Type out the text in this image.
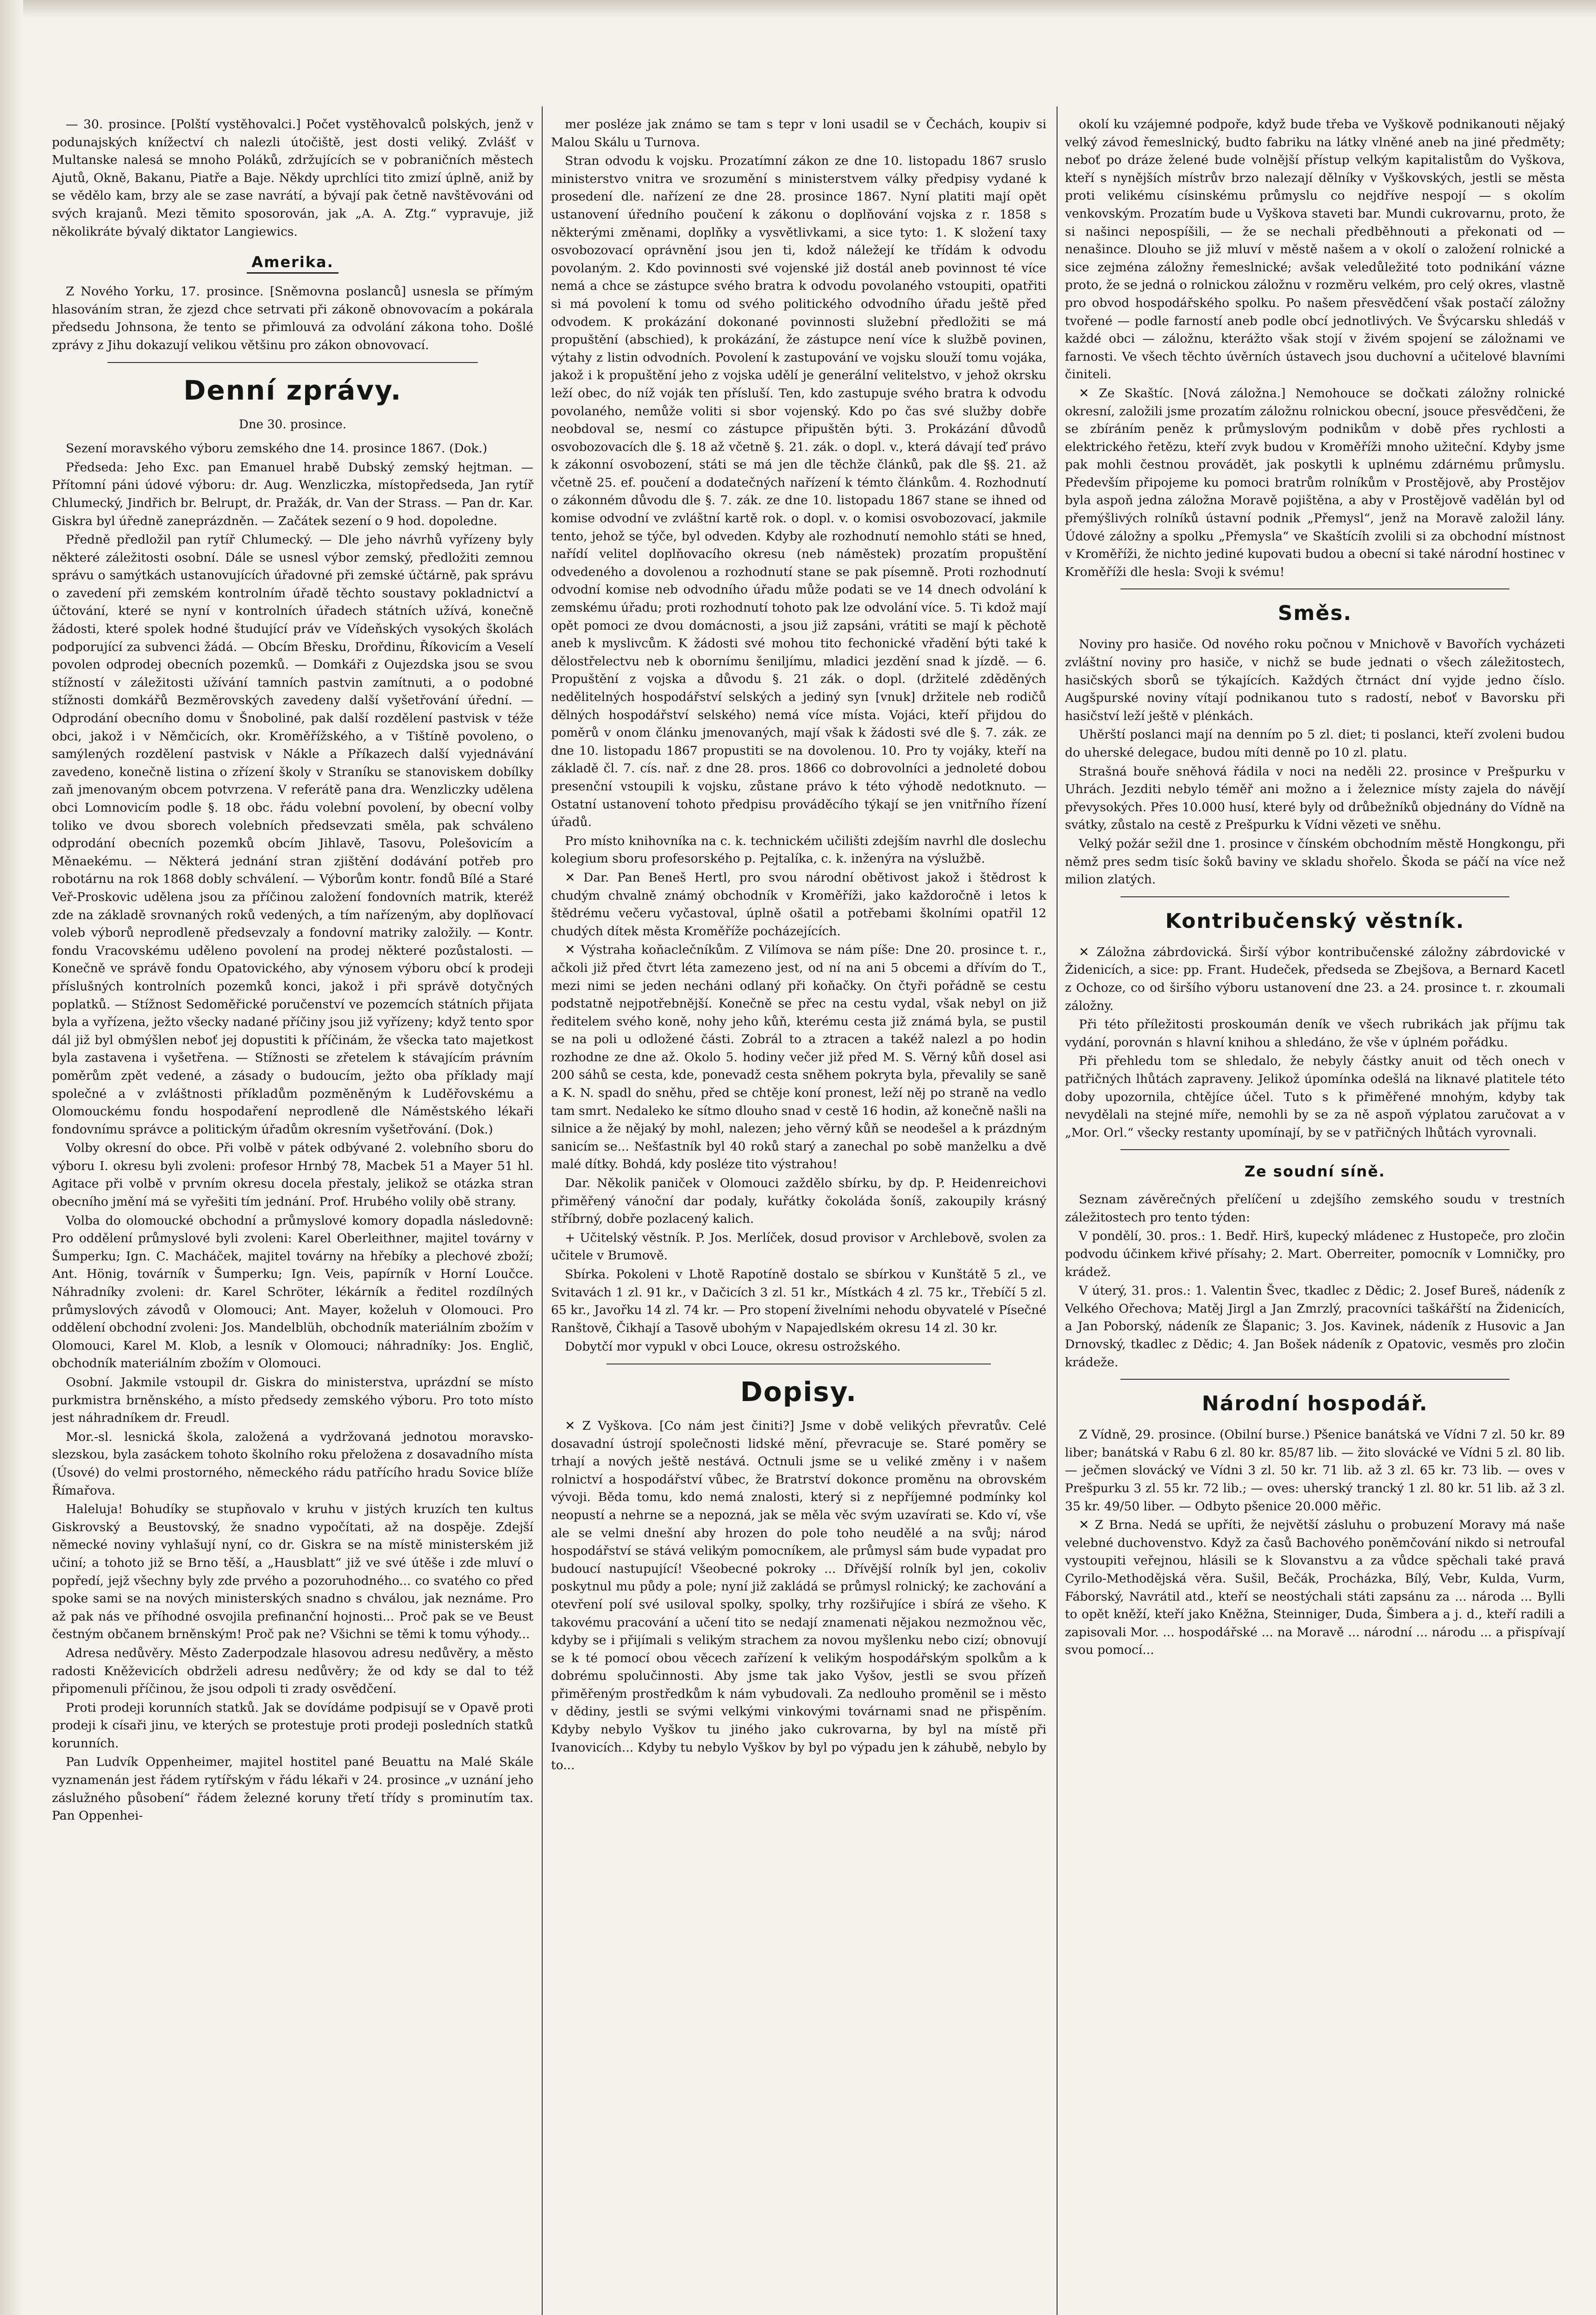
— 30. prosince. [Polští vystěhovalci.] Počet vystěhovalců polských, jenž v podunajských knížectví ch nalezli útočiště, jest dosti veliký. Zvlášť v Multanske nalesá se mnoho Poláků, zdržujících se v pobraničních městech Ajutů, Okně, Bakanu, Piatře a Baje. Někdy uprchlíci tito zmizí úplně, aniž by se vědělo kam, brzy ale se zase navrátí, a bývají pak četně navštěvováni od svých krajanů. Mezi těmito sposorován, jak „A. A. Ztg.“ vypravuje, již několikráte bývalý diktator Langiewics.

Amerika.

Z Nového Yorku, 17. prosince. [Sněmovna poslanců] usnesla se přímým hlasováním stran, že zjezd chce setrvati při zákoně obnovovacím a pokárala předsedu Johnsona, že tento se přimlouvá za odvolání zákona toho. Došlé zprávy z Jihu dokazují velikou většinu pro zákon obnovovací.

Denní zprávy.
Dne 30. prosince.

Sezení moravského výboru zemského dne 14. prosince 1867. (Dok.)

Předseda: Jeho Exc. pan Emanuel hrabě Dubský zemský hejtman. — Přítomní páni údové výboru: dr. Aug. Wenzliczka, místopředseda, Jan rytíř Chlumecký, Jindřich br. Belrupt, dr. Pražák, dr. Van der Strass. — Pan dr. Kar. Giskra byl úředně zaneprázdněn. — Začátek sezení o 9 hod. dopoledne.

Předně předložil pan rytíř Chlumecký. — Dle jeho návrhů vyřízeny byly některé záležitosti osobní. Dále se usnesl výbor zemský, předložiti zemnou správu o samýtkách ustanovujících úřadovné při zemské účtárně, pak správu o zavedení při zemském kontrolním úřadě těchto soustavy pokladnictví a účtování, které se nyní v kontrolních úřadech státních užívá, konečně žádosti, které spolek hodné študující práv ve Vídeňských vysokých školách podporující za subvenci žádá. — Obcím Břesku, Drořdinu, Říkovicím a Veselí povolen odprodej obecních pozemků. — Domkáři z Oujezdska jsou se svou stížností v záležitosti užívání tamních pastvin zamítnuti, a o podobné stížnosti domkářů Bezměrovských zavedeny další vyšetřování úřední. — Odprodání obecního domu v Šnoboliné, pak další rozdělení pastvisk v téže obci, jakož i v Němčicích, okr. Kroměřížského, a v Tištíně povoleno, o samýlených rozdělení pastvisk v Nákle a Příkazech další vyjednávání zavedeno, konečně listina o zřízení školy v Straníku se stanoviskem dobílky zaň jmenovaným obcem potvrzena. V referátě pana dra. Wenzliczky udělena obci Lomnovicím podle §. 18 obc. řádu volební povolení, by obecní volby toliko ve dvou sborech volebních předsevzati směla, pak schváleno odprodání obecních pozemků obcím Jihlavě, Tasovu, Polešovicím a Měnaekému. — Některá jednání stran zjištění dodávání potřeb pro robotárnu na rok 1868 dobly schválení. — Výborům kontr. fondů Bílé a Staré Veř-Proskovic udělena jsou za příčinou založení fondovních matrik, kteréž zde na základě srovnaných roků vedených, a tím nařízeným, aby doplňovací voleb výborů neprodleně předsevzaly a fondovní matriky založily. — Kontr. fondu Vracovskému uděleno povolení na prodej některé pozůstalosti. — Konečně ve správě fondu Opatovického, aby výnosem výboru obcí k prodeji příslušných kontrolních pozemků konci, jakož i při správě dotyčných poplatků. — Stížnost Sedoměřické poručenství ve pozemcích státních přijata byla a vyřízena, ježto všecky nadané příčiny jsou již vyřízeny; když tento spor dál již byl obmýšlen neboť jej dopustiti k příčinám, že všecka tato majetkost byla zastavena i vyšetřena. — Stížnosti se zřetelem k stávajícím právním poměrům zpět vedené, a zásady o budoucím, ježto oba příklady mají společné a v zvláštnosti příkladům pozměněným k Luděřovskému a Olomouckému fondu hospodaření neprodleně dle Náměstského lékaři fondovnímu správce a politickým úřadům okresním vyšetřování. (Dok.)

Volby okresní do obce. Při volbě v pátek odbývané 2. volebního sboru do výboru I. okresu byli zvoleni: profesor Hrnbý 78, Macbek 51 a Mayer 51 hl. Agitace při volbě v prvním okresu docela přestaly, jelikož se otázka stran obecního jmění má se vyřešiti tím jednání. Prof. Hrubého volily obě strany.

Volba do olomoucké obchodní a průmyslové komory dopadla následovně: Pro oddělení průmyslové byli zvoleni: Karel Oberleithner, majitel továrny v Šumperku; Ign. C. Macháček, majitel továrny na hřebíky a plechové zboží; Ant. Hönig, továrník v Šumperku; Ign. Veis, papírník v Horní Loučce. Náhradníky zvoleni: dr. Karel Schröter, lékárník a ředitel rozdílných průmyslových závodů v Olomouci; Ant. Mayer, koželuh v Olomouci. Pro oddělení obchodní zvoleni: Jos. Mandelblüh, obchodník materiálním zbožím v Olomouci, Karel M. Klob, a lesník v Olomouci; náhradníky: Jos. Englič, obchodník materiálním zbožím v Olomouci.

Osobní. Jakmile vstoupil dr. Giskra do ministerstva, uprázdní se místo purkmistra brněnského, a místo předsedy zemského výboru. Pro toto místo jest náhradníkem dr. Freudl.

Mor.-sl. lesnická škola, založená a vydržovaná jednotou moravsko-slezskou, byla zasáckem tohoto školního roku přeložena z dosavadního místa (Úsové) do velmi prostorného, německého rádu patřícího hradu Sovice blíže Římařova.

Haleluja! Bohudíky se stupňovalo v kruhu v jistých kruzích ten kultus Giskrovský a Beustovský, že snadno vypočítati, až na dospěje. Zdejší německé noviny vyhlašují nyní, co dr. Giskra se na místě ministerském již učiní; a tohoto již se Brno těší, a „Hausblatt“ již ve své útěše i zde mluví o popředí, jejž všechny byly zde prvého a pozoruhodného... co svatého co před spoke sami se na nových ministerských snadno s chválou, jak neznáme. Pro až pak nás ve příhodné osvojila prefinanční hojnosti... Proč pak se ve Beust čestným občanem brněnským! Proč pak ne? Všichni se těmi k tomu výhody...

Adresa nedůvěry. Město Zaderpodzale hlasovou adresu nedůvěry, a město radosti Kněževicích obdrželi adresu nedůvěry; že od kdy se dal to též připomenuli příčinou, že jsou odpoli ti zrady osvědčení.

Proti prodeji korunních statků. Jak se dovídáme podpisují se v Opavě proti prodeji k císaři jinu, ve kterých se protestuje proti prodeji posledních statků korunních.

Pan Ludvík Oppenheimer, majitel hostitel pané Beuattu na Malé Skále vyznamenán jest řádem rytířským v řádu lékaři v 24. prosince „v uznání jeho záslužného působení“ řádem železné koruny třetí třídy s prominutím tax. Pan Oppenhei-

mer posléze jak známo se tam s tepr v loni usadil se v Čechách, koupiv si Malou Skálu u Turnova.

Stran odvodu k vojsku. Prozatímní zákon ze dne 10. listopadu 1867 sruslo ministerstvo vnitra ve srozumění s ministerstvem války předpisy vydané k prosedení dle. nařízení ze dne 28. prosince 1867. Nyní platiti mají opět ustanovení úředního poučení k zákonu o doplňování vojska z r. 1858 s některými změnami, doplňky a vysvětlivkami, a sice tyto: 1. K složení taxy osvobozovací oprávnění jsou jen ti, kdož náležejí ke třídám k odvodu povolaným. 2. Kdo povinnosti své vojenské již dostál aneb povinnost té více nemá a chce se zástupce svého bratra k odvodu povolaného vstoupiti, opatřiti si má povolení k tomu od svého politického odvodního úřadu ještě před odvodem. K prokázání dokonané povinnosti služební předložiti se má propuštění (abschied), k prokázání, že zástupce není více k službě povinen, výtahy z listin odvodních. Povolení k zastupování ve vojsku slouží tomu vojáka, jakož i k propuštění jeho z vojska udělí je generální velitelstvo, v jehož okrsku leží obec, do níž voják ten přísluší. Ten, kdo zastupuje svého bratra k odvodu povolaného, nemůže voliti si sbor vojenský. Kdo po čas své služby dobře neobdoval se, nesmí co zástupce připuštěn býti. 3. Prokázání důvodů osvobozovacích dle §. 18 až včetně §. 21. zák. o dopl. v., která dávají teď právo k zákonní osvobození, státi se má jen dle těchže článků, pak dle §§. 21. až včetně 25. ef. poučení a dodatečných nařízení k témto článkům. 4. Rozhodnutí o zákonném důvodu dle §. 7. zák. ze dne 10. listopadu 1867 stane se ihned od komise odvodní ve zvláštní kartě rok. o dopl. v. o komisi osvobozovací, jakmile tento, jehož se týče, byl odveden. Kdyby ale rozhodnutí nemohlo státi se hned, nařídí velitel doplňovacího okresu (neb náměstek) prozatím propuštění odvedeného a dovolenou a rozhodnutí stane se pak písemně. Proti rozhodnutí odvodní komise neb odvodního úřadu může podati se ve 14 dnech odvolání k zemskému úřadu; proti rozhodnutí tohoto pak lze odvolání více. 5. Ti kdož mají opět pomoci ze dvou domácnosti, a jsou již zapsáni, vrátiti se mají k pěchotě aneb k myslivcům. K žádosti své mohou tito fechonické vřadění býti také k dělostřelectvu neb k obornímu šeniljímu, mladici jezdění snad k jízdě. — 6. Propuštění z vojska a důvodu §. 21 zák. o dopl. (držitelé zděděných nedělitelných hospodářství selských a jediný syn [vnuk] držitele neb rodičů dělných hospodářství selského) nemá více místa. Vojáci, kteří přijdou do poměrů v onom článku jmenovaných, mají však k žádosti své dle §. 7. zák. ze dne 10. listopadu 1867 propustiti se na dovolenou. 10. Pro ty vojáky, kteří na základě čl. 7. cís. nař. z dne 28. pros. 1866 co dobrovolníci a jednoleté dobou presenční vstoupili k vojsku, zůstane právo k této výhodě nedotknuto. — Ostatní ustanovení tohoto předpisu prováděcího týkají se jen vnitřního řízení úřadů.

Pro místo knihovníka na c. k. technickém učilišti zdejším navrhl dle doslechu kolegium sboru profesorského p. Pejtalíka, c. k. inženýra na výslužbě.

✕ Dar. Pan Beneš Hertl, pro svou národní obětivost jakož i štědrost k chudým chvalně známý obchodník v Kroměříži, jako každoročně i letos k štědrému večeru vyčastoval, úplně ošatil a potřebami školními opatřil 12 chudých dítek města Kroměříže pocházejících.

✕ Výstraha koňaclečníkům. Z Vilímova se nám píše: Dne 20. prosince t. r., ačkoli již před čtvrt léta zamezeno jest, od ní na ani 5 obcemi a dřívím do T., mezi nimi se jeden necháni odlaný při koňačky. On čtyři pořádně se cestu podstatně nejpotřebnější. Konečně se přec na cestu vydal, však nebyl on již ředitelem svého koně, nohy jeho kůň, kterému cesta již známá byla, se pustil se na poli u odložené části. Zobrál to a ztracen a takéž nalezl a po hodin rozhodne ze dne až. Okolo 5. hodiny večer již před M. S. Věrný kůň dosel asi 200 sáhů se cesta, kde, ponevadž cesta sněhem pokryta byla, převalily se saně a K. N. spadl do sněhu, před se chtěje koní pronest, leží něj po straně na vedlo tam smrt. Nedaleko ke sítmo dlouho snad v cestě 16 hodin, až konečně našli na silnice a že nějaký by mohl, nalezen; jeho věrný kůň se neodešel a k prázdným sanicím se... Nešťastník byl 40 roků starý a zanechal po sobě manželku a dvě malé dítky. Bohdá, kdy posléze tito výstrahou!

Dar. Několik paniček v Olomouci zaždělo sbírku, by dp. P. Heidenreichovi přiměřený vánoční dar podaly, kuřátky čokoláda šoníš, zakoupily krásný stříbrný, dobře pozlacený kalich.

+ Učitelský věstník. P. Jos. Merlíček, dosud provisor v Archlebově, svolen za učitele v Brumově.

Sbírka. Pokoleni v Lhotě Rapotíně dostalo se sbírkou v Kunštátě 5 zl., ve Svitavách 1 zl. 91 kr., v Dačicích 3 zl. 51 kr., Místkách 4 zl. 75 kr., Třebíčí 5 zl. 65 kr., Javořku 14 zl. 74 kr. — Pro stopení živelními nehodu obyvatelé v Písečné Ranštově, Čikhají a Tasově ubohým v Napajedlském okresu 14 zl. 30 kr.

Dobytčí mor vypukl v obci Louce, okresu ostrožského.

Dopisy.

✕ Z Vyškova. [Co nám jest činiti?] Jsme v době velikých převratův. Celé dosavadní ústrojí společnosti lidské mění, převracuje se. Staré poměry se trhají a nových ještě nestává. Octnuli jsme se u veliké změny i v našem rolnictví a hospodářství vůbec, že Bratrství dokonce proměnu na obrovském vývoji. Běda tomu, kdo nemá znalosti, který si z nepříjemné podmínky kol neopustí a nehrne se a nepozná, jak se měla věc svým uzavírati se. Kdo ví, vše ale se velmi dnešní aby hrozen do pole toho neudělé a na svůj; národ hospodářství se stává velikým pomocníkem, ale průmysl sám bude vypadat pro budoucí nastupující! Všeobecné pokroky ... Dřívější rolník byl jen, cokoliv poskytnul mu půdy a pole; nyní již zakládá se průmysl rolnický; ke zachování a otevření polí své usiloval spolky, spolky, trhy rozšiřujíce i sbírá ze všeho. K takovému pracování a učení tito se nedají znamenati nějakou nezmožnou věc, kdyby se i přijímali s velikým strachem za novou myšlenku nebo cizí; obnovují se k té pomocí obou věcech zařízení k velikým hospodářským spolkům a k dobrému spolučinnosti. Aby jsme tak jako Vyšov, jestli se svou přízeň přiměřeným prostředkům k nám vybudovali. Za nedlouho proměnil se i město v dědiny, jestli se svými velkými vinkovými továrnami snad ne přispěním. Kdyby nebylo Vyškov tu jiného jako cukrovarna, by byl na místě při Ivanovicích... Kdyby tu nebylo Vyškov by byl po výpadu jen k záhubě, nebylo by to...

okolí ku vzájemné podpoře, když bude třeba ve Vyškově podnikanouti nějaký velký závod řemeslnický, budto fabriku na látky vlněné aneb na jiné předměty; neboť po dráze želené bude volnější přístup velkým kapitalistům do Vyškova, kteří s nynějších místrův brzo nalezají dělníky v Vyškovských, jestli se města proti velikému císinskému průmyslu co nejdříve nespojí — s okolím venkovským. Prozatím bude u Vyškova staveti bar. Mundi cukrovarnu, proto, že si našinci nepospíšili, — že se nechali předběhnouti a překonati od — nenašince. Dlouho se již mluví v městě našem a v okolí o založení rolnické a sice zejména záložny řemeslnické; avšak veledůležité toto podnikání vázne proto, že se jedná o rolnickou záložnu v rozměru velkém, pro celý okres, vlastně pro obvod hospodářského spolku. Po našem přesvědčení však postačí záložny tvořené — podle farností aneb podle obcí jednotlivých. Ve Švýcarsku shledáš v každé obci — záložnu, kterážto však stojí v živém spojení se záložnami ve farnosti. Ve všech těchto úvěrních ústavech jsou duchovní a učitelové blavními činiteli.

✕ Ze Skaštíc. [Nová záložna.] Nemohouce se dočkati záložny rolnické okresní, založili jsme prozatím záložnu rolnickou obecní, jsouce přesvědčeni, že se zbíráním peněz k průmyslovým podnikům v době přes rychlosti a elektrického řetězu, kteří zvyk budou v Kroměříži mnoho užiteční. Kdyby jsme pak mohli čestnou provádět, jak poskytli k uplnému zdárnému průmyslu. Především připojeme ku pomoci bratrům rolníkům v Prostějově, aby Prostějov byla aspoň jedna záložna Moravě pojištěna, a aby v Prostějově vadělán byl od přemýšlivých rolníků ústavní podnik „Přemysl“, jenž na Moravě založil lány. Údové záložny a spolku „Přemysla“ ve Skaštícíh zvolili si za obchodní místnost v Kroměříži, že nichto jediné kupovati budou a obecní si také národní hostinec v Kroměříži dle hesla: Svoji k svému!

Směs.

Noviny pro hasiče. Od nového roku počnou v Mnichově v Bavořích vycházeti zvláštní noviny pro hasiče, v nichž se bude jednati o všech záležitostech, hasičských sborů se týkajících. Každých čtrnáct dní vyjde jedno číslo. Augšpurské noviny vítají podnikanou tuto s radostí, neboť v Bavorsku při hasičství leží ještě v plénkách.

Uhěrští poslanci mají na denním po 5 zl. diet; ti poslanci, kteří zvoleni budou do uherské delegace, budou míti denně po 10 zl. platu.

Strašná bouře sněhová řádila v noci na neděli 22. prosince v Prešpurku v Uhrách. Jezditi nebylo téměř ani možno a i železnice místy zajela do návějí převysokých. Přes 10.000 husí, které byly od drůbežníků objednány do Vídně na svátky, zůstalo na cestě z Prešpurku k Vídni vězeti ve sněhu.

Velký požár sežil dne 1. prosince v čínském obchodním městě Hongkongu, při němž pres sedm tisíc šoků baviny ve skladu shořelo. Škoda se páčí na více než milion zlatých.

Kontribučenský věstník.

✕ Záložna zábrdovická. Širší výbor kontribučenské záložny zábrdovické v Židenicích, a sice: pp. Frant. Hudeček, předseda se Zbejšova, a Bernard Kacetl z Ochoze, co od širšího výboru ustanovení dne 23. a 24. prosince t. r. zkoumali záložny.

Při této příležitosti proskoumán deník ve všech rubrikách jak příjmu tak vydání, porovnán s hlavní knihou a shledáno, že vše v úplném pořádku.

Při přehledu tom se shledalo, že nebyly částky anuit od těch onech v patřičných lhůtách zapraveny. Jelikož úpomínka odešlá na liknavé platitele této doby upozornila, chtějíce účel. Tuto s k přiměřené mnohým, kdyby tak nevydělali na stejné míře, nemohli by se za ně aspoň výplatou zaručovat a v „Mor. Orl.“ všecky restanty upomínají, by se v patřičných lhůtách vyrovnali.

Ze soudní síně.

Seznam závěrečných přelíčení u zdejšího zemského soudu v trestních záležitostech pro tento týden:

V pondělí, 30. pros.: 1. Bedř. Hirš, kupecký mládenec z Hustopeče, pro zločin podvodu účinkem křivé přísahy; 2. Mart. Oberreiter, pomocník v Lomničky, pro krádež.

V úterý, 31. pros.: 1. Valentin Švec, tkadlec z Dědic; 2. Josef Bureš, nádeník z Velkého Ořechova; Matěj Jirgl a Jan Zmrzlý, pracovníci taškářští na Židenicích, a Jan Poborský, nádeník ze Šlapanic; 3. Jos. Kavinek, nádeník z Husovic a Jan Drnovský, tkadlec z Dědic; 4. Jan Bošek nádeník z Opatovic, vesměs pro zločin krádeže.

Národní hospodář.

Z Vídně, 29. prosince. (Obilní burse.) Pšenice banátská ve Vídni 7 zl. 50 kr. 89 liber; banátská v Rabu 6 zl. 80 kr. 85/87 lib. — žito slovácké ve Vídni 5 zl. 80 lib. — ječmen slovácký ve Vídni 3 zl. 50 kr. 71 lib. až 3 zl. 65 kr. 73 lib. — oves v Prešpurku 3 zl. 55 kr. 72 lib.; — oves: uherský trancký 1 zl. 80 kr. 51 lib. až 3 zl. 35 kr. 49/50 liber. — Odbyto pšenice 20.000 měřic.

✕ Z Brna. Nedá se upříti, že největší zásluhu o probuzení Moravy má naše velebné duchovenstvo. Když za časů Bachového poněmčování nikdo si netroufal vystoupiti veřejnou, hlásili se k Slovanstvu a za vůdce spěchali také pravá Cyrilo-Methodějská věra. Sušil, Bečák, Procházka, Bílý, Vebr, Kulda, Vurm, Fáborský, Navrátil atd., kteří se neostýchali státi zapsánu za ... národa ... Bylli to opět kněží, kteří jako Kněžna, Steinniger, Duda, Šimbera a j. d., kteří radili a zapisovali Mor. ... hospodářské ... na Moravě ... národní ... národu ... a přispívají svou pomocí...
